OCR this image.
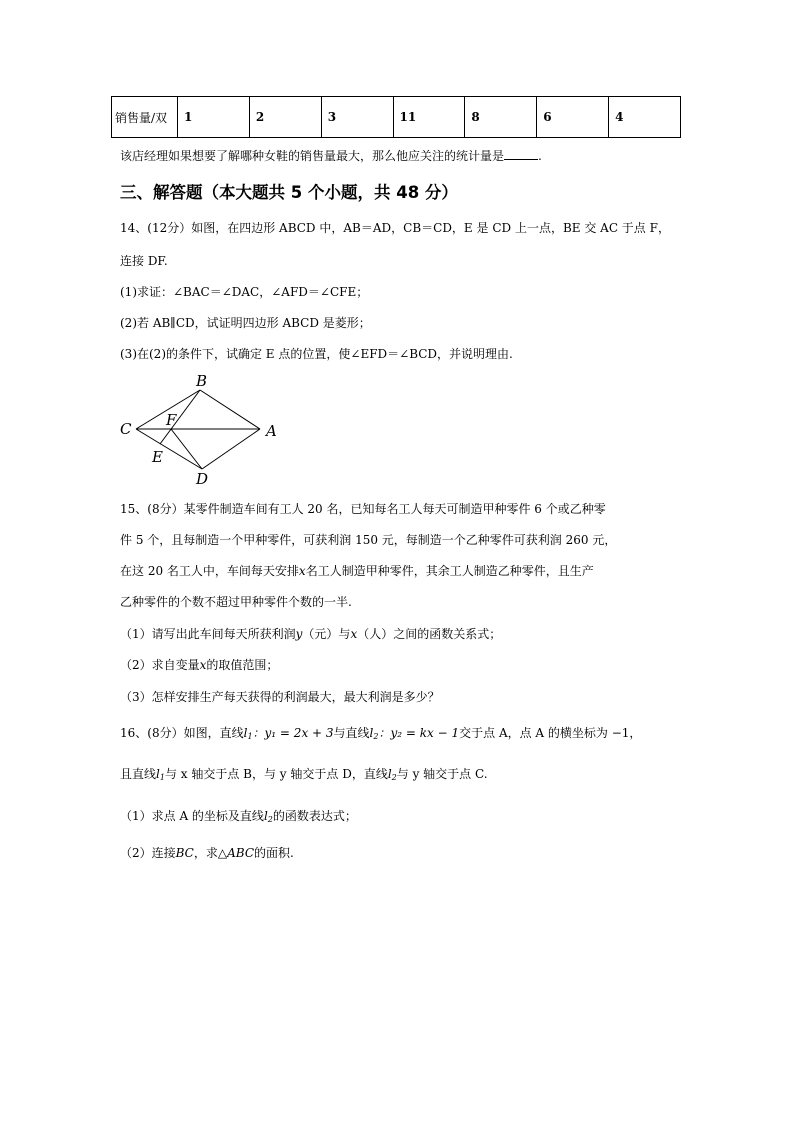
销售量/双	1	2	3	11	8	6	4
该店经理如果想要了解哪种女鞋的销售量最大，那么他应关注的统计量是	.
三、解答题（本大题共 5 个小题，共 48 分）
14、(12分）如图，在四边形 ABCD 中，AB＝AD，CB＝CD，E 是 CD 上一点，BE 交 AC 于点 F，
连接 DF.
(1)求证：∠BAC＝∠DAC，∠AFD＝∠CFE；
(2)若 AB∥CD，试证明四边形 ABCD 是菱形；
(3)在(2)的条件下，试确定 E 点的位置，使∠EFD＝∠BCD，并说明理由.
B
C F
A
E
D
15、(8分）某零件制造车间有工人 20 名，已知每名工人每天可制造甲种零件 6 个或乙种零
件 5 个，且每制造一个甲种零件，可获利润 150 元，每制造一个乙种零件可获利润 260 元，
在这 20 名工人中，车间每天安排x名工人制造甲种零件，其余工人制造乙种零件，且生产
乙种零件的个数不超过甲种零件个数的一半.
（1）请写出此车间每天所获利润y（元）与x（人）之间的函数关系式；
（2）求自变量x的取值范围；
（3）怎样安排生产每天获得的利润最大，最大利润是多少？
16、(8分）如图，直线$l_1$：y₁ = 2x + 3与直线$l_2$：y₂ = kx − 1交于点 A，点 A 的横坐标为 −1，
且直线$l_1$与 x 轴交于点 B，与 y 轴交于点 D，直线$l_2$与 y 轴交于点 C.
（1）求点 A 的坐标及直线$l_2$的函数表达式；
（2）连接BC，求△ABC的面积.
